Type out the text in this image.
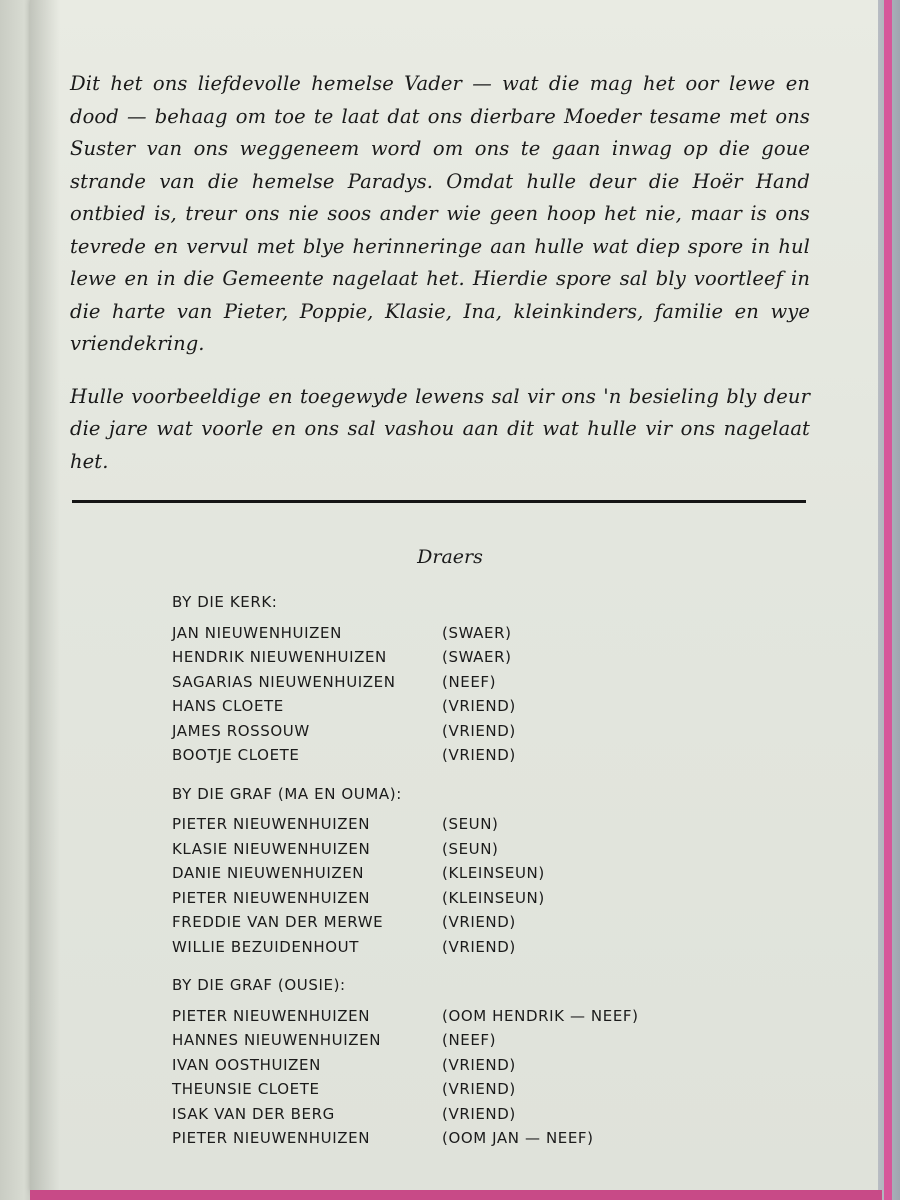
Dit het ons liefdevolle hemelse Vader — wat die mag het oor lewe en dood — behaag om toe te laat dat ons dierbare Moeder tesame met ons Suster van ons weggeneem word om ons te gaan inwag op die goue strande van die hemelse Paradys. Omdat hulle deur die Hoër Hand ontbied is, treur ons nie soos ander wie geen hoop het nie, maar is ons tevrede en vervul met blye herinneringe aan hulle wat diep spore in hul lewe en in die Gemeente nagelaat het. Hierdie spore sal bly voortleef in die harte van Pieter, Poppie, Klasie, Ina, kleinkinders, familie en wye vriendekring.

Hulle voorbeeldige en toegewyde lewens sal vir ons 'n besieling bly deur die jare wat voorle en ons sal vashou aan dit wat hulle vir ons nagelaat het.

Draers
BY DIE KERK:
JAN NIEUWENHUIZEN	(SWAER)
HENDRIK NIEUWENHUIZEN	(SWAER)
SAGARIAS NIEUWENHUIZEN	(NEEF)
HANS CLOETE	(VRIEND)
JAMES ROSSOUW	(VRIEND)
BOOTJE CLOETE	(VRIEND)
BY DIE GRAF (MA EN OUMA):
PIETER NIEUWENHUIZEN	(SEUN)
KLASIE NIEUWENHUIZEN	(SEUN)
DANIE NIEUWENHUIZEN	(KLEINSEUN)
PIETER NIEUWENHUIZEN	(KLEINSEUN)
FREDDIE VAN DER MERWE	(VRIEND)
WILLIE BEZUIDENHOUT	(VRIEND)
BY DIE GRAF (OUSIE):
PIETER NIEUWENHUIZEN	(OOM HENDRIK — NEEF)
HANNES NIEUWENHUIZEN	(NEEF)
IVAN OOSTHUIZEN	(VRIEND)
THEUNSIE CLOETE	(VRIEND)
ISAK VAN DER BERG	(VRIEND)
PIETER NIEUWENHUIZEN	(OOM JAN — NEEF)
